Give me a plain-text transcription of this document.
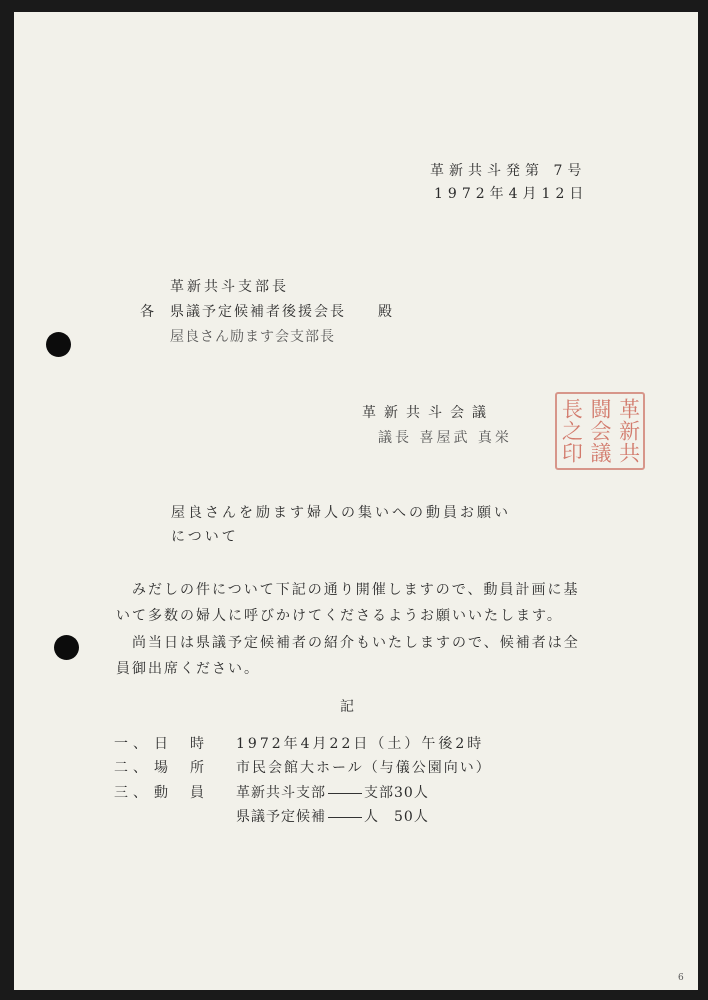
革新共斗発第 7号
1972年4月12日
各
革新共斗支部長
県議予定候補者後援会長
屋良さん励ます会支部長
殿
革新共斗会議
議長 喜屋武 真栄	革新共
闘会議
長之印
屋良さんを励ます婦人の集いへの動員お願い
について
みだしの件について下記の通り開催しますので、動員計画に基
いて多数の婦人に呼びかけてくださるようお願いいたします。
尚当日は県議予定候補者の紹介もいたしますので、候補者は全
員御出席ください。
記
一、 日　時 1972年4月22日（土）午後2時
二、 場　所 市民会館大ホール（与儀公園向い）
三、 動　員 革新共斗支部	支部30人
県議予定候補	人　50人
6
